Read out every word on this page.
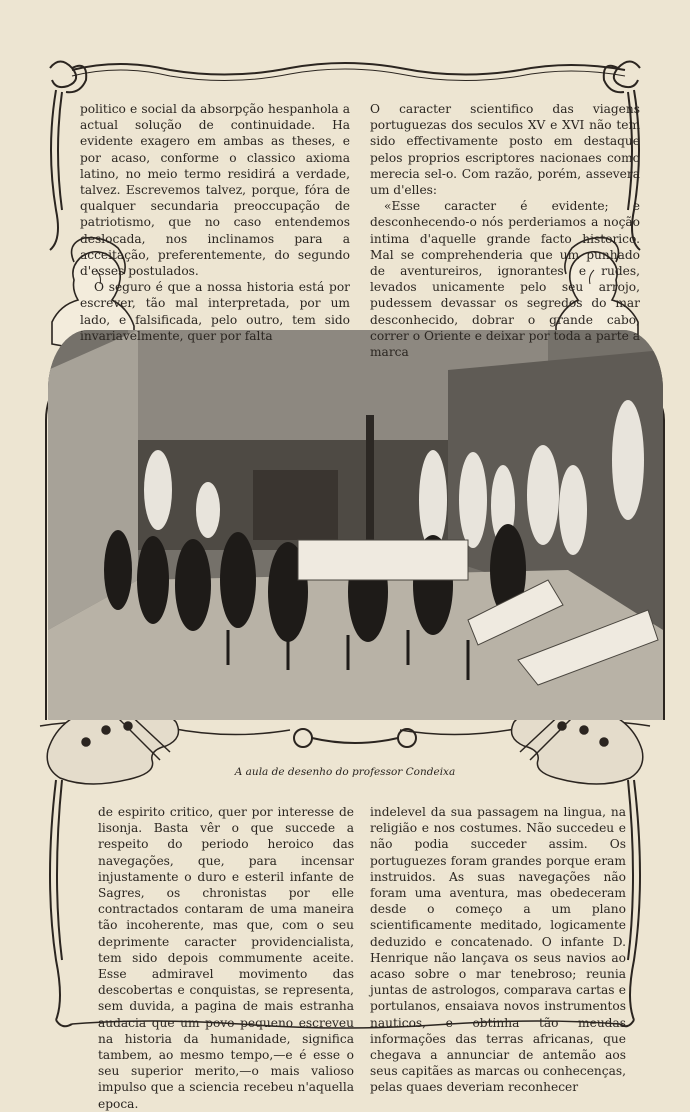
politico e social da absorpção hespanhola a actual solução de continuidade. Ha evidente exagero em ambas as theses, e por acaso, conforme o classico axioma latino, no meio termo residirá a verdade, talvez. Escrevemos talvez, porque, fóra de qualquer secundaria preoccupação de patriotismo, que no caso entendemos deslocada, nos inclinamos para a acceitação, preferentemente, do segundo d'esses postulados.

O seguro é que a nossa historia está por escrever, tão mal interpretada, por um lado, e falsificada, pelo outro, tem sido invariavelmente, quer por falta

O caracter scientifico das viagens portuguezas dos seculos XV e XVI não tem sido effectivamente posto em destaque pelos proprios escriptores nacionaes como merecia sel-o. Com razão, porém, assevera um d'elles:

«Esse caracter é evidente; e desconhecendo-o nós perderiamos a noção intima d'aquelle grande facto historico. Mal se comprehenderia que um punhado de aventureiros, ignorantes e rudes, levados unicamente pelo seu arrojo, pudessem devassar os segredos do mar desconhecido, dobrar o grande cabo, correr o Oriente e deixar por toda a parte a marca

A aula de desenho do professor Condeixa

de espirito critico, quer por interesse de lisonja. Basta vêr o que succede a respeito do periodo heroico das navegações, que, para incensar injustamente o duro e esteril infante de Sagres, os chronistas por elle contractados contaram de uma maneira tão incoherente, mas que, com o seu deprimente caracter providencialista, tem sido depois commumente aceite. Esse admiravel movimento das descobertas e conquistas, se representa, sem duvida, a pagina de mais estranha audacia que um povo pequeno escreveu na historia da humanidade, significa tambem, ao mesmo tempo,—e é esse o seu superior merito,—o mais valioso impulso que a sciencia recebeu n'aquella epoca.

indelevel da sua passagem na lingua, na religião e nos costumes. Não succedeu e não podia succeder assim. Os portuguezes foram grandes porque eram instruidos. As suas navegações não foram uma aventura, mas obedeceram desde o começo a um plano scientificamente meditado, logicamente deduzido e concatenado. O infante D. Henrique não lançava os seus navios ao acaso sobre o mar tenebroso; reunia juntas de astrologos, comparava cartas e portulanos, ensaiava novos instrumentos nauticos, e obtinha tão meudas informações das terras africanas, que chegava a annunciar de antemão aos seus capitães as marcas ou conhecenças, pelas quaes deveriam reconhecer
